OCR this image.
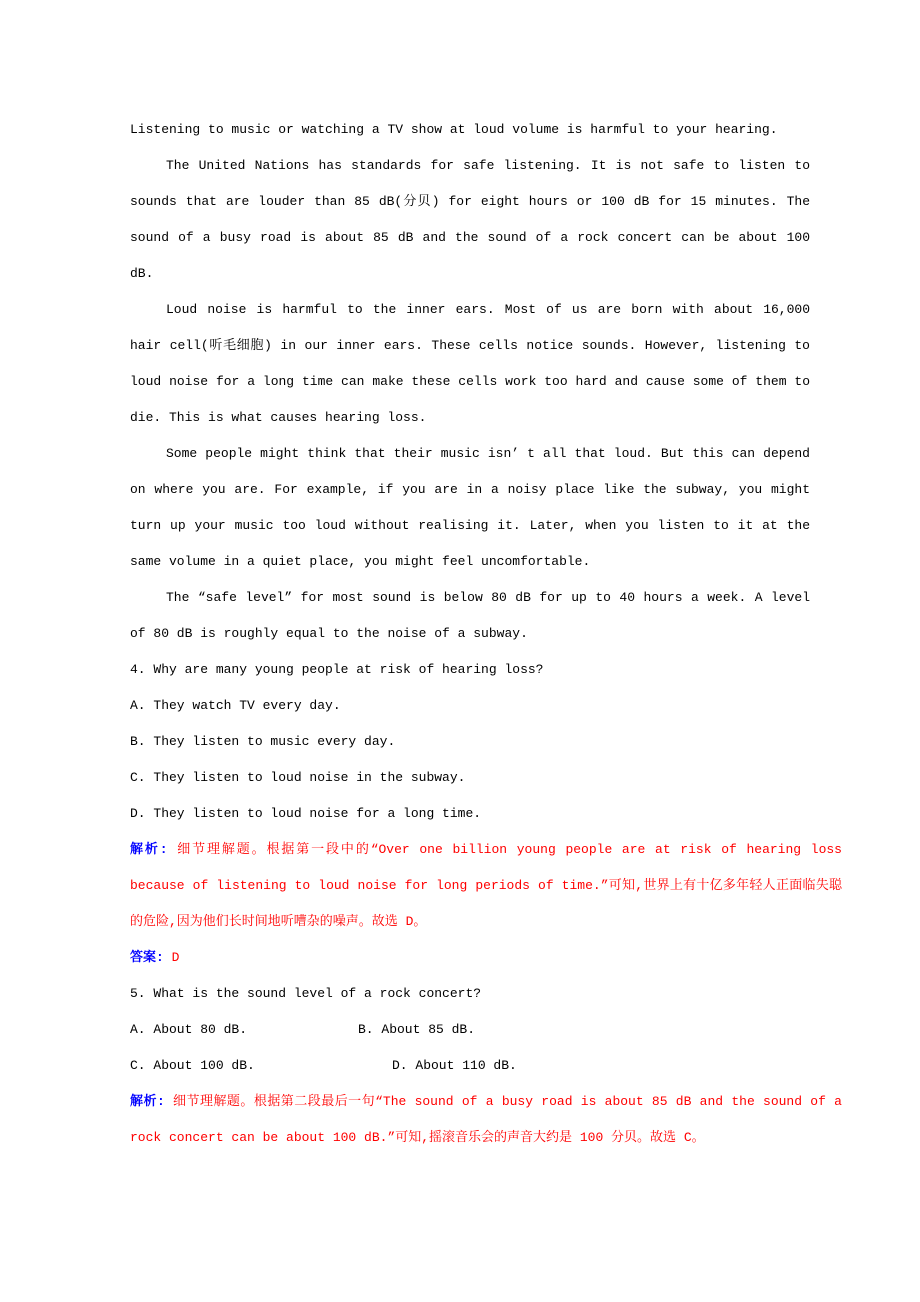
Listening to music or watching a TV show at loud volume is harmful to your hearing.

The United Nations has standards for safe listening. It is not safe to listen to sounds that are louder than 85 dB(分贝) for eight hours or 100 dB for 15 minutes. The sound of a busy road is about 85 dB and the sound of a rock concert can be about 100 dB.

Loud noise is harmful to the inner ears. Most of us are born with about 16,000 hair cell(听毛细胞) in our inner ears. These cells notice sounds. However, listening to loud noise for a long time can make these cells work too hard and cause some of them to die. This is what causes hearing loss.

Some people might think that their music isn’ t all that loud. But this can depend on where you are. For example, if you are in a noisy place like the subway, you might turn up your music too loud without realising it. Later, when you listen to it at the same volume in a quiet place, you might feel uncomfortable.

The “safe level” for most sound is below 80 dB for up to 40 hours a week. A level of 80 dB is roughly equal to the noise of a subway.

4. Why are many young people at risk of hearing loss?

A. They watch TV every day.

B. They listen to music every day.

C. They listen to loud noise in the subway.

D. They listen to loud noise for a long time.

解析: 细节理解题。根据第一段中的“Over one billion young people are at risk of hearing loss because of listening to loud noise for long periods of time.”可知,世界上有十亿多年轻人正面临失聪的危险,因为他们长时间地听嘈杂的噪声。故选 D。

答案: D

5. What is the sound level of a rock concert?

A. About 80 dB.	B. About 85 dB.

C. About 100 dB.	D. About 110 dB.

解析: 细节理解题。根据第二段最后一句“The sound of a busy road is about 85 dB and the sound of a rock concert can be about 100 dB.”可知,摇滚音乐会的声音大约是 100 分贝。故选 C。
